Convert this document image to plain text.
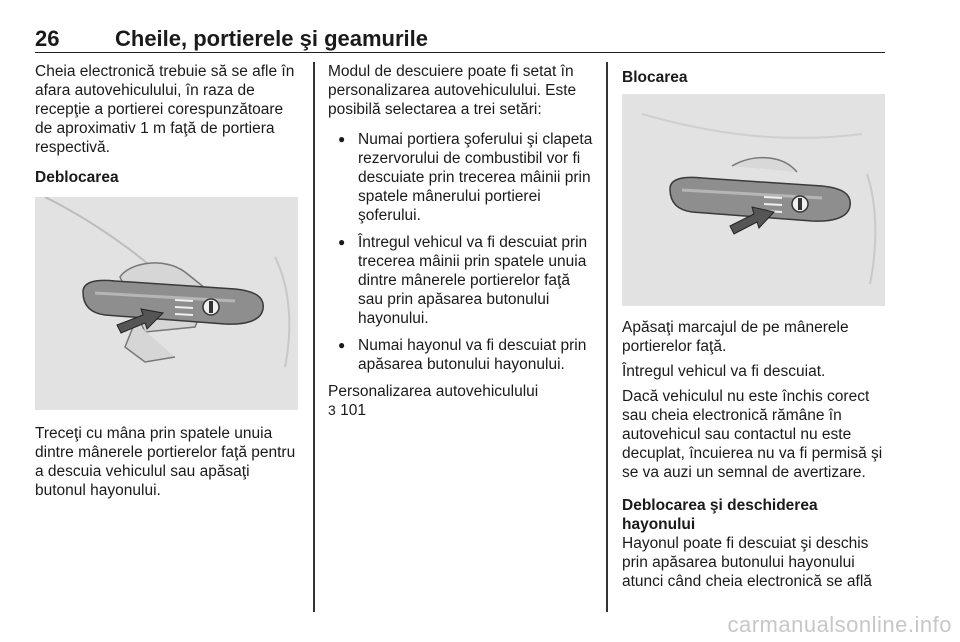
26	Cheile, portierele şi geamurile

Cheia electronică trebuie să se afle în afara autovehiculului, în raza de recepţie a portierei corespunzătoare de aproximativ 1 m faţă de portiera respectivă.

Deblocarea
Treceţi cu mâna prin spatele unuia dintre mânerele portierelor faţă pentru a descuia vehiculul sau apăsaţi butonul hayonului.

Modul de descuiere poate fi setat în personalizarea autovehiculului. Este posibilă selectarea a trei setări:

● Numai portiera şoferului şi clapeta rezervorului de combustibil vor fi descuiate prin trecerea mâinii prin spatele mânerului portierei şoferului.
● Întregul vehicul va fi descuiat prin trecerea mâinii prin spatele unuia dintre mânerele portierelor faţă sau prin apăsarea butonului hayonului.
● Numai hayonul va fi descuiat prin apăsarea butonului hayonului.
Personalizarea autovehiculului
3 101
Blocarea

Apăsaţi marcajul de pe mânerele portierelor faţă.

Întregul vehicul va fi descuiat.

Dacă vehiculul nu este închis corect sau cheia electronică rămâne în autovehicul sau contactul nu este decuplat, încuierea nu va fi permisă şi se va auzi un semnal de avertizare.

Deblocarea şi deschiderea hayonului

Hayonul poate fi descuiat şi deschis prin apăsarea butonului hayonului atunci când cheia electronică se află

carmanualsonline.info
